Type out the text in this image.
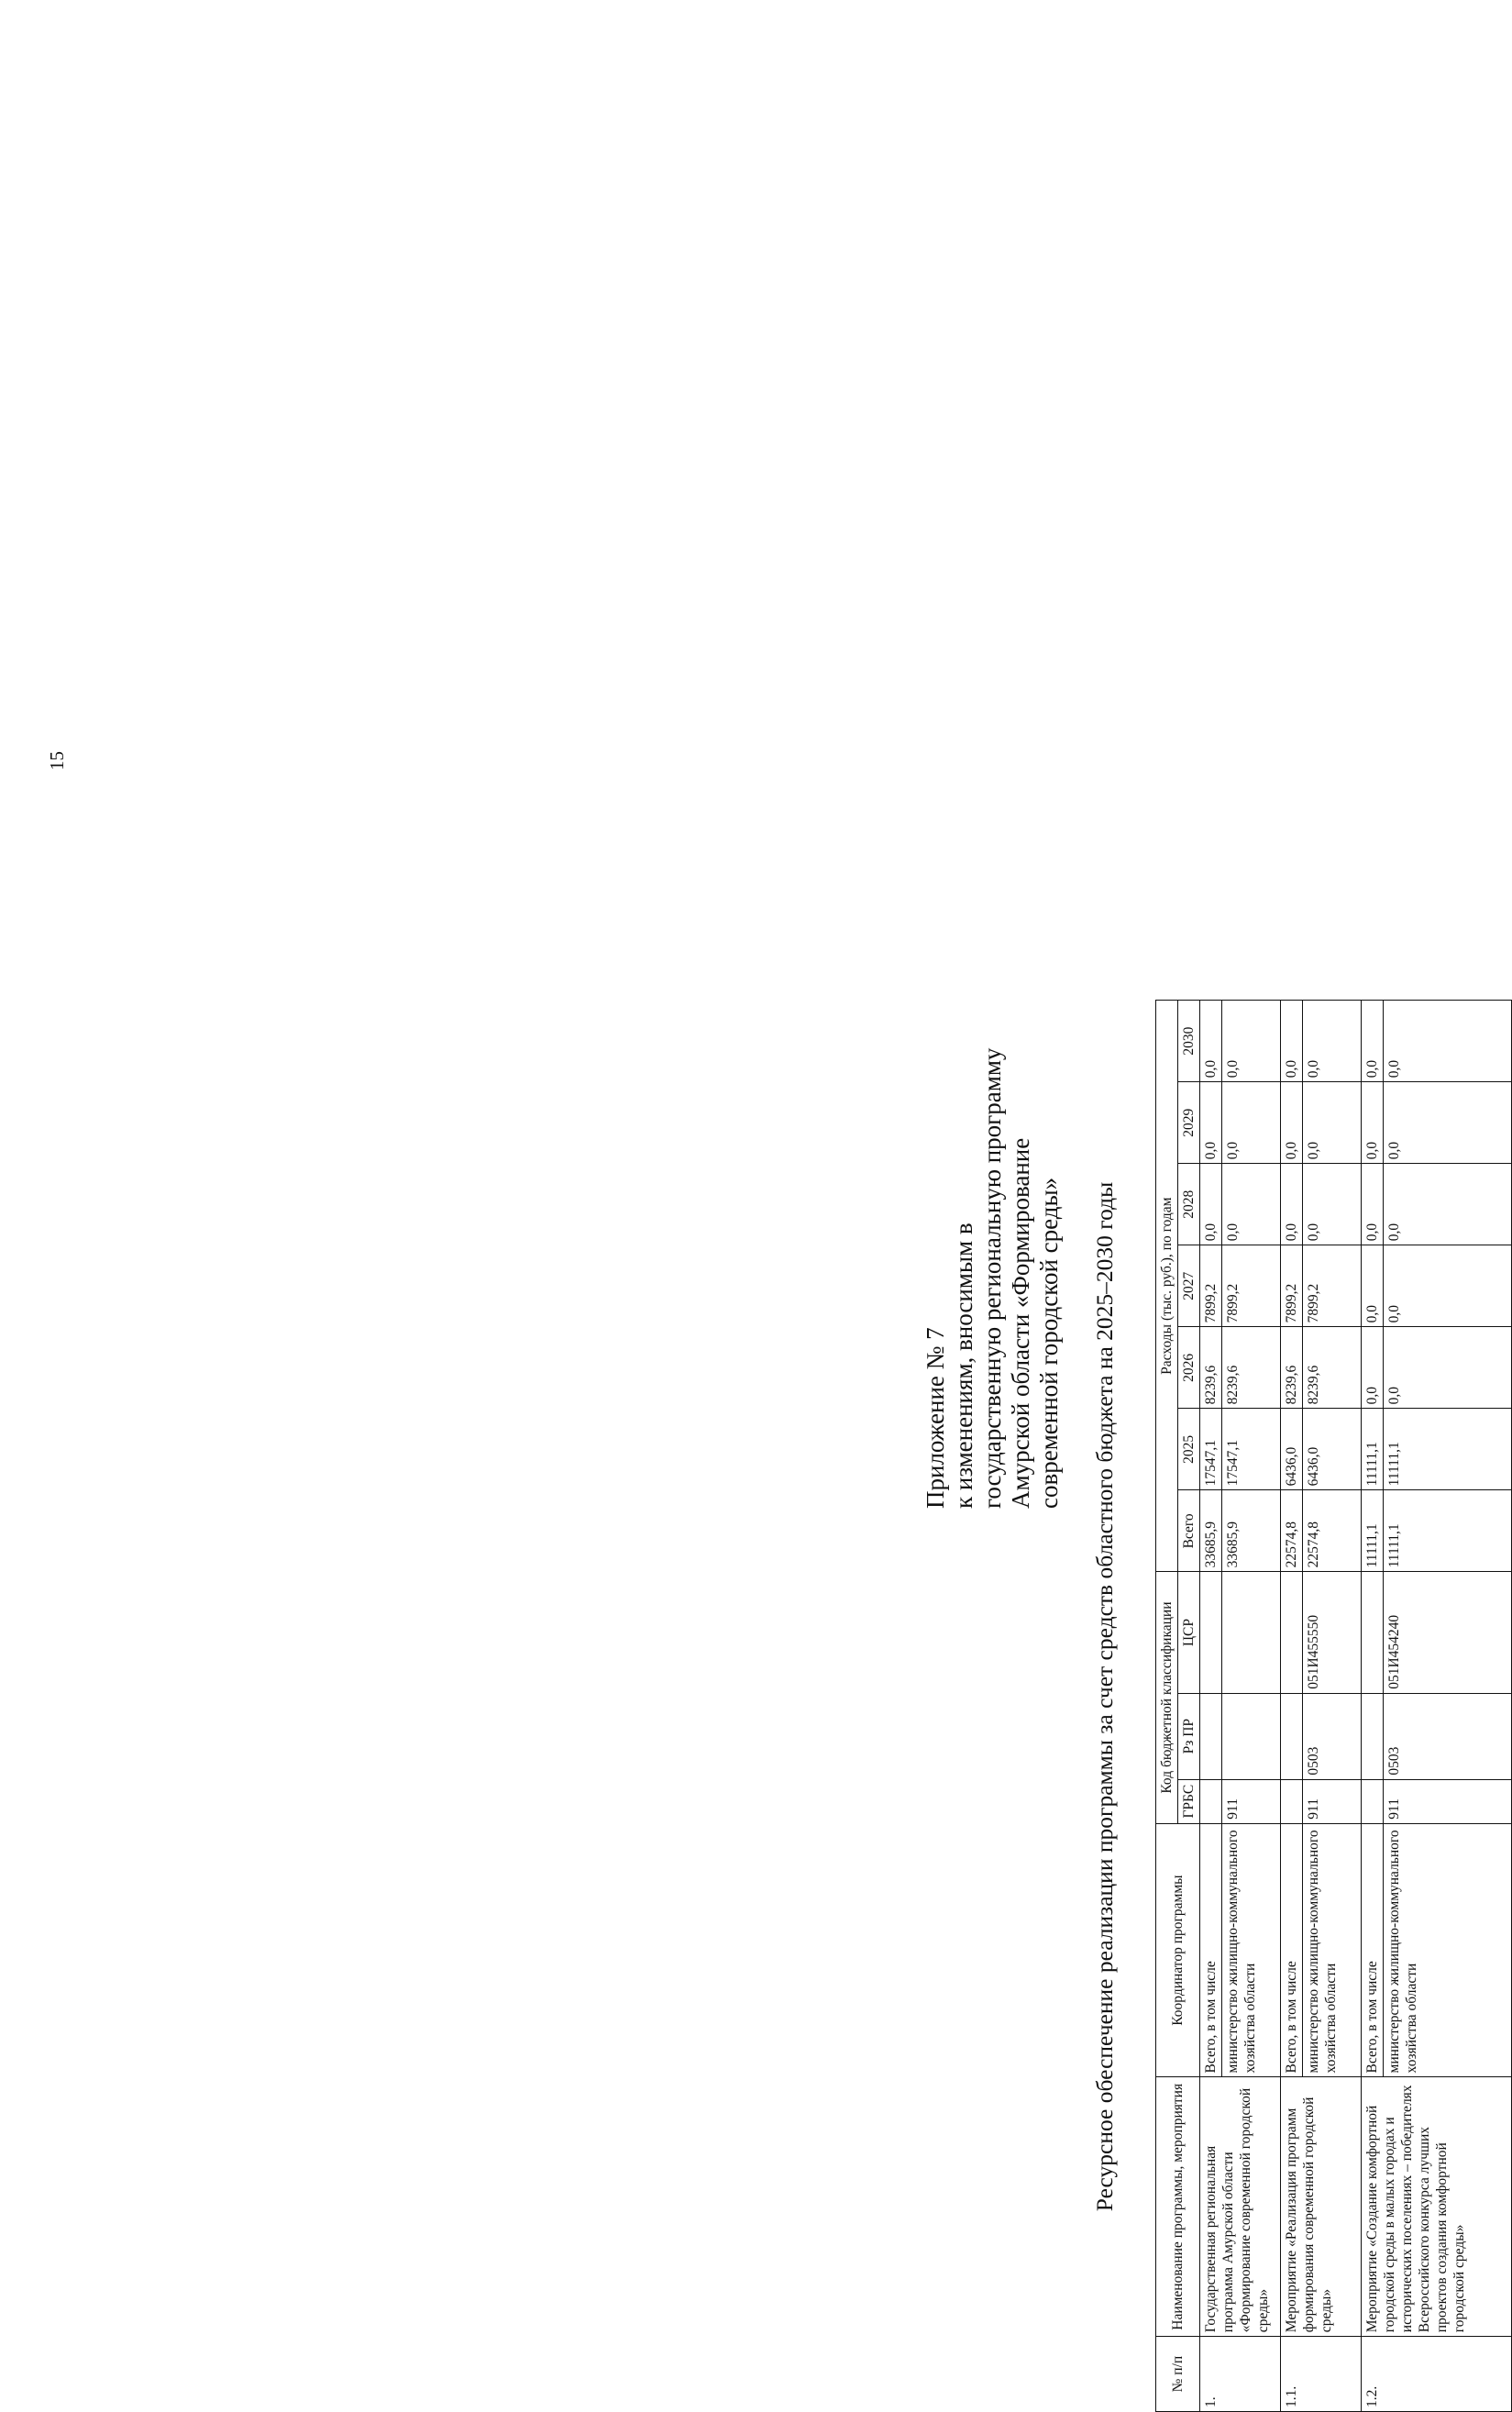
15
Приложение № 7 к изменениям, вносимым в государственную региональную программу Амурской области «Формирование современной городской среды» Ресурсное обеспечение реализации программы за счет средств областного бюджета на 2025–2030 годы
№ п/п	Наименование программы, мероприятия	Координатор программы	Код бюджетной классификации			Расходы (тыс. руб.), по годам						
			ГРБС	Рз ПР	ЦСР	Всего	2025	2026	2027	2028	2029	2030
1.	Государственная региональная программа Амурской области «Формирование современной городской среды»	Всего, в том числе				33685,9	17547,1	8239,6	7899,2	0,0	0,0	0,0
		министерство жилищно-коммунального хозяйства области	911			33685,9	17547,1	8239,6	7899,2	0,0	0,0	0,0
1.1.	Мероприятие «Реализация программ формирования современной городской среды»	Всего, в том числе				22574,8	6436,0	8239,6	7899,2	0,0	0,0	0,0
		министерство жилищно-коммунального хозяйства области	911	0503	051И455550	22574,8	6436,0	8239,6	7899,2	0,0	0,0	0,0
1.2.	Мероприятие «Создание комфортной городской среды в малых городах и исторических поселениях – победителях Всероссийского конкурса лучших проектов создания комфортной городской среды»	Всего, в том числе				11111,1	11111,1	0,0	0,0	0,0	0,0	0,0
		министерство жилищно-коммунального хозяйства области	911	0503	051И454240	11111,1	11111,1	0,0	0,0	0,0	0,0	0,0
